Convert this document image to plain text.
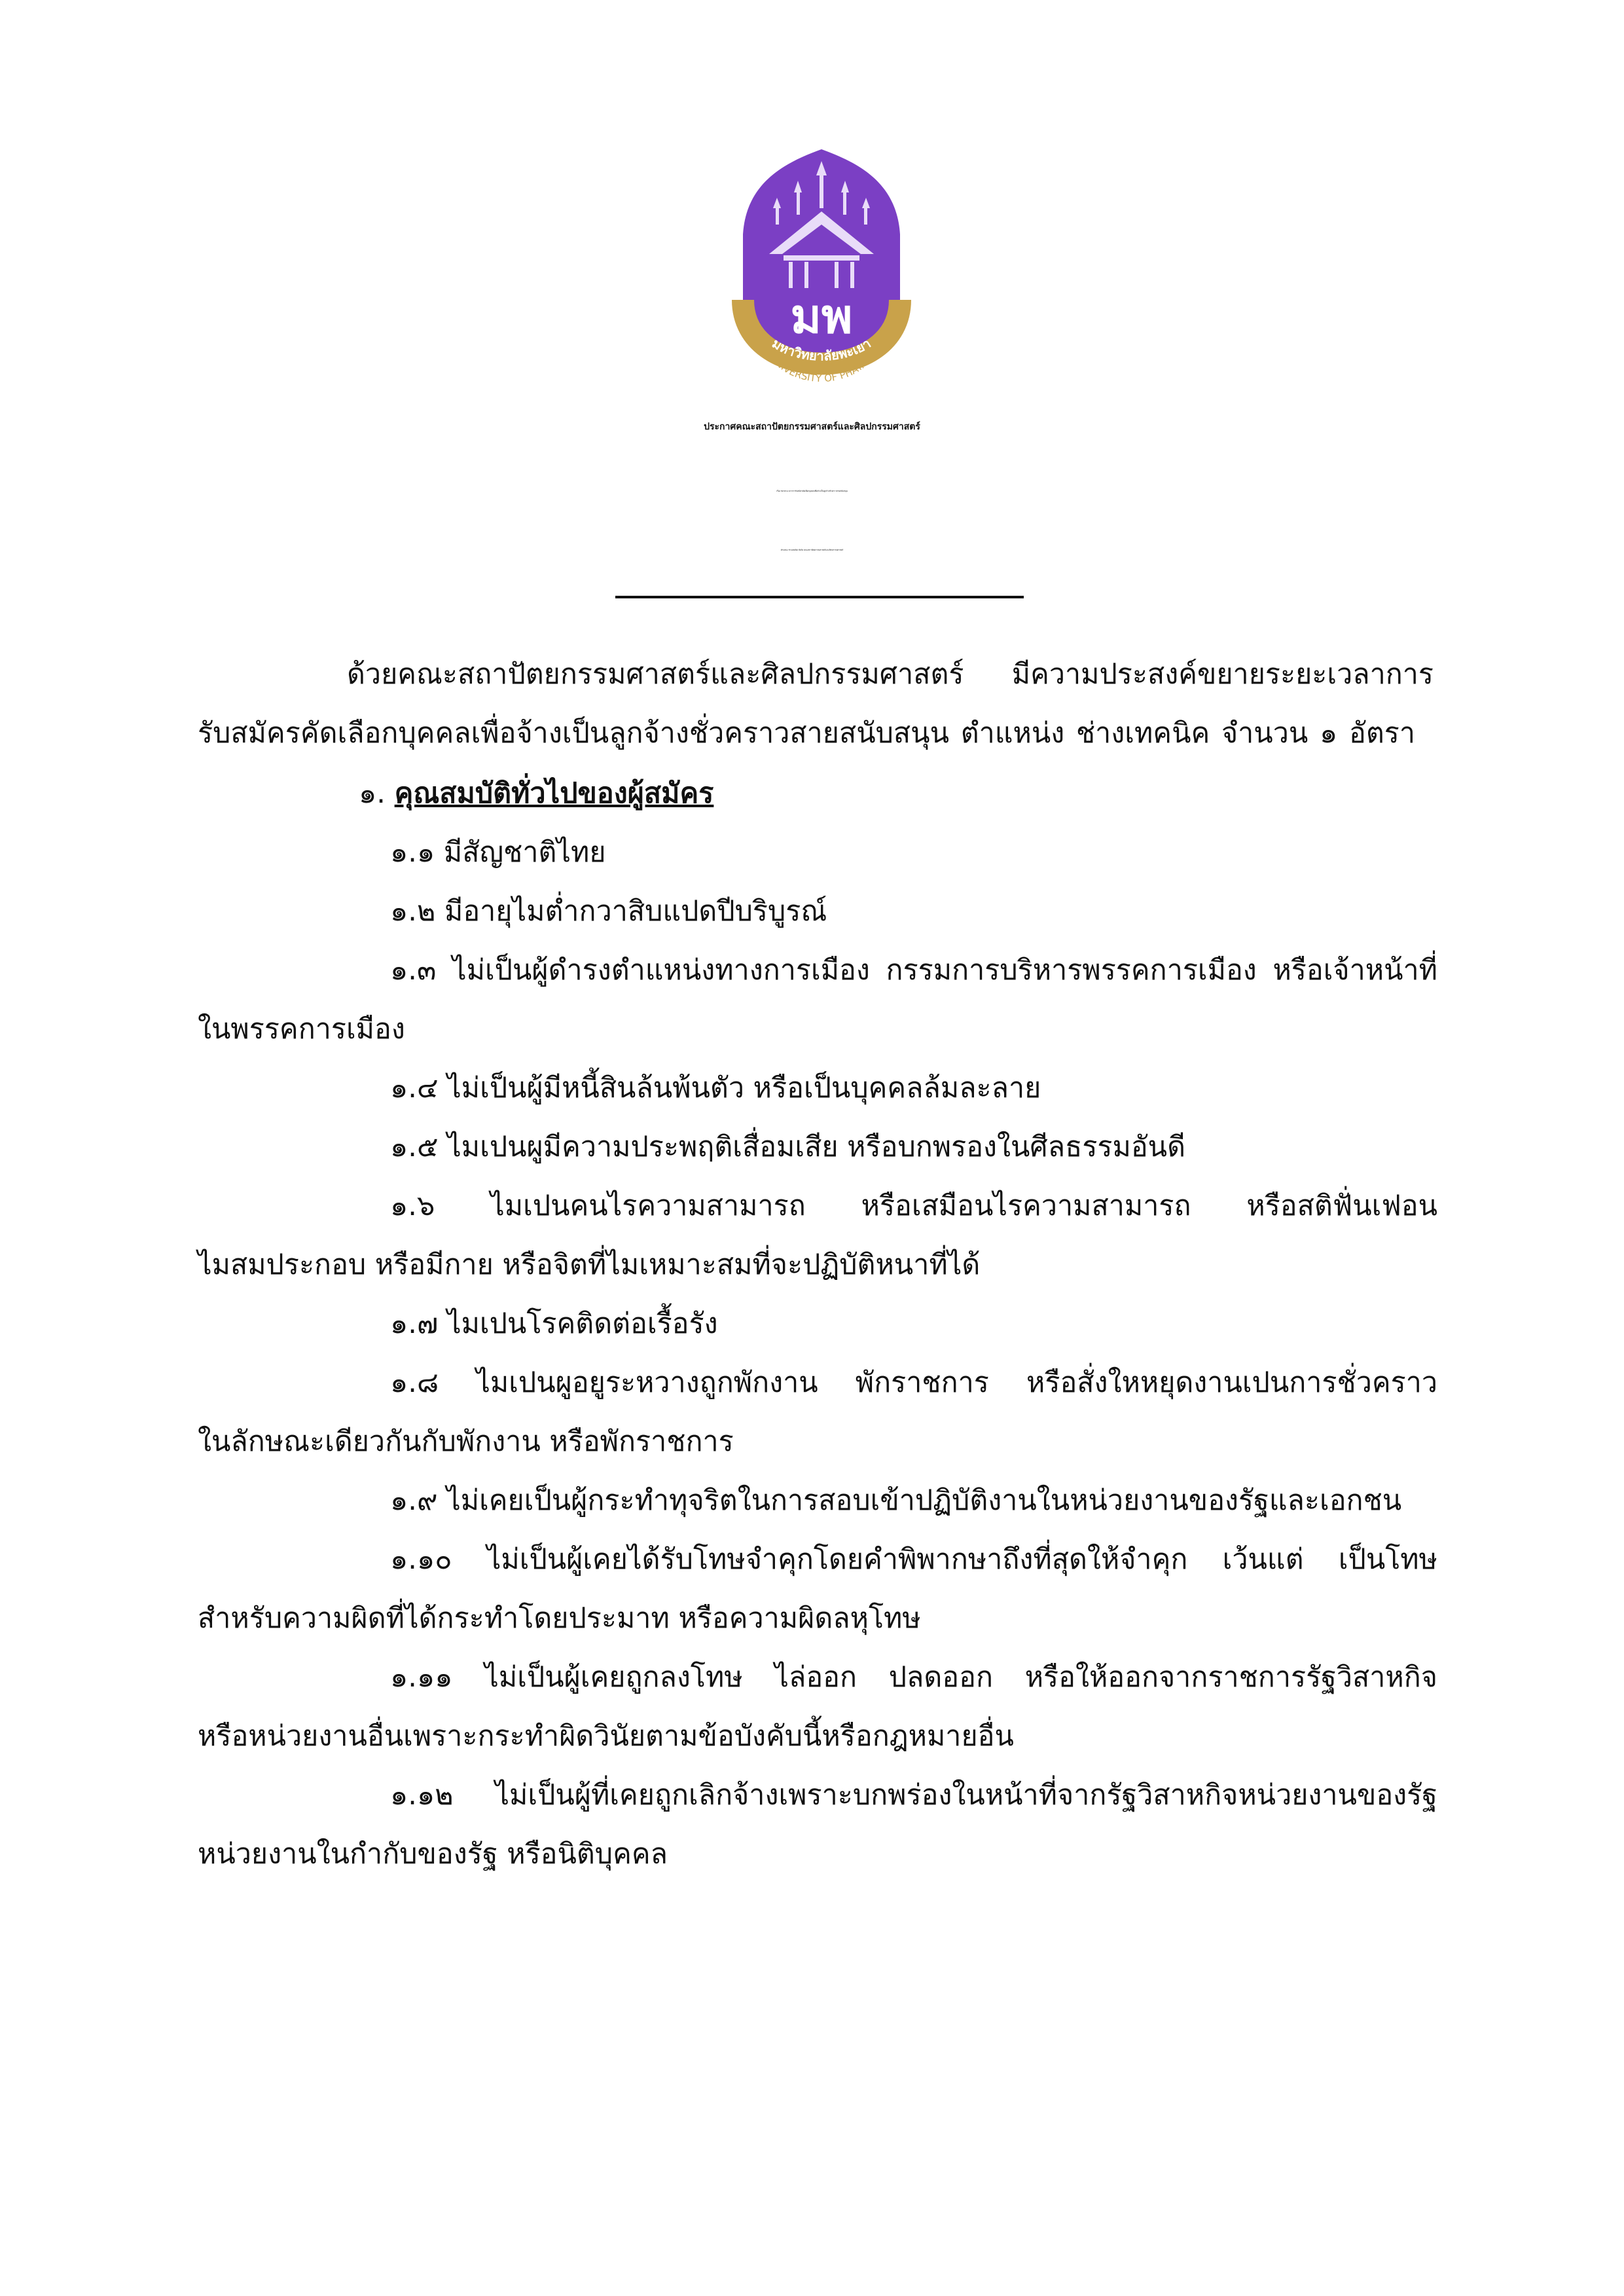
มพ
มหาวิทยาลัยพะเยา
UNIVERSITY OF PHAYAO
ประกาศคณะสถาปัตยกรรมศาสตร์และศิลปกรรมศาสตร์
เรื่อง ขยายระเวลาการรับสมัครคัดเลือกบุคคลเพื่อจ้างเป็นลูกจ้างชั่วคราวสายสนับสนุน
ตำแหน่ง ช่างเทคนิค สังกัด คณะสถาปัตยกรรมศาสตร์และศิลปกรรมศาสตร์
ด้วยคณะสถาปัตยกรรมศาสตร์และศิลปกรรมศาสตร์ มีความประสงค์ขยายระยะเวลาการ
รับสมัครคัดเลือกบุคคลเพื่อจ้างเป็นลูกจ้างชั่วคราวสายสนับสนุน ตำแหน่ง ช่างเทคนิค จำนวน ๑ อัตรา
๑. คุณสมบัติทั่วไปของผู้สมัคร
๑.๑ มีสัญชาติไทย
๑.๒ มีอายุไมต่ำกวาสิบแปดปีบริบูรณ์
๑.๓ ไม่เป็นผู้ดำรงตำแหน่งทางการเมือง กรรมการบริหารพรรคการเมือง หรือเจ้าหน้าที่
ในพรรคการเมือง
๑.๔ ไม่เป็นผู้มีหนี้สินล้นพ้นตัว หรือเป็นบุคคลล้มละลาย
๑.๕ ไมเปนผูมีความประพฤติเสื่อมเสีย หรือบกพรองในศีลธรรมอันดี
๑.๖ ไมเปนคนไรความสามารถ หรือเสมือนไรความสามารถ หรือสติฟั่นเฟอน
ไมสมประกอบ หรือมีกาย หรือจิตที่ไมเหมาะสมที่จะปฏิบัติหนาที่ได้
๑.๗ ไมเปนโรคติดต่อเรื้อรัง
๑.๘ ไมเปนผูอยูระหวางถูกพักงาน พักราชการ หรือสั่งใหหยุดงานเปนการชั่วคราว
ในลักษณะเดียวกันกับพักงาน หรือพักราชการ
๑.๙ ไม่เคยเป็นผู้กระทำทุจริตในการสอบเข้าปฏิบัติงานในหน่วยงานของรัฐและเอกชน
๑.๑๐ ไม่เป็นผู้เคยได้รับโทษจำคุกโดยคำพิพากษาถึงที่สุดให้จำคุก เว้นแต่ เป็นโทษ
สำหรับความผิดที่ได้กระทำโดยประมาท หรือความผิดลหุโทษ
๑.๑๑ ไม่เป็นผู้เคยถูกลงโทษ ไล่ออก ปลดออก หรือให้ออกจากราชการรัฐวิสาหกิจ
หรือหน่วยงานอื่นเพราะกระทำผิดวินัยตามข้อบังคับนี้หรือกฎหมายอื่น
๑.๑๒ ไม่เป็นผู้ที่เคยถูกเลิกจ้างเพราะบกพร่องในหน้าที่จากรัฐวิสาหกิจหน่วยงานของรัฐ
หน่วยงานในกำกับของรัฐ หรือนิติบุคคล
